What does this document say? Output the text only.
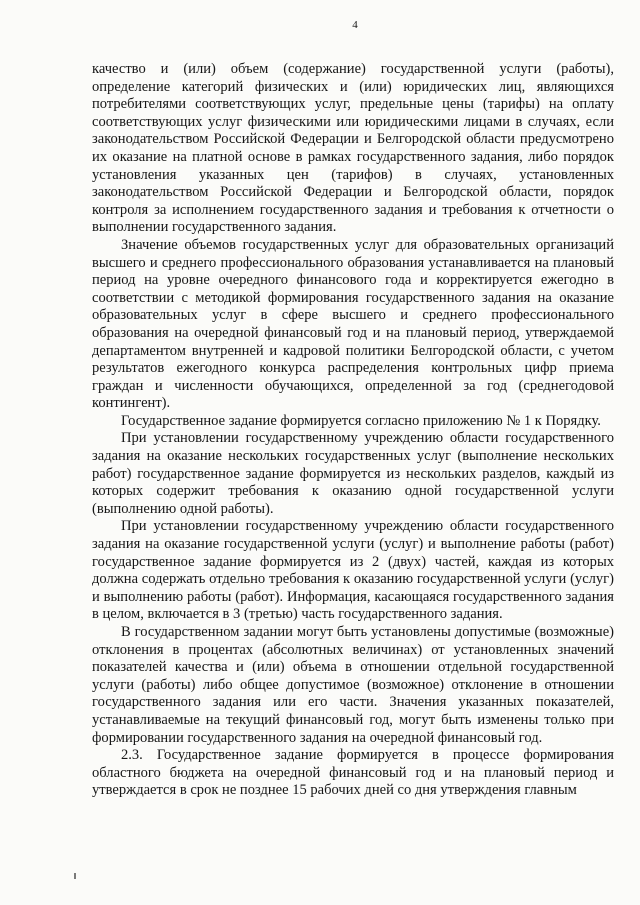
4

качество и (или) объем (содержание) государственной услуги (работы), определение категорий физических и (или) юридических лиц, являющихся потребителями соответствующих услуг, предельные цены (тарифы) на оплату соответствующих услуг физическими или юридическими лицами в случаях, если законодательством Российской Федерации и Белгородской области предусмотрено их оказание на платной основе в рамках государственного задания, либо порядок установления указанных цен (тарифов) в случаях, установленных законодательством Российской Федерации и Белгородской области, порядок контроля за исполнением государственного задания и требования к отчетности о выполнении государственного задания.

Значение объемов государственных услуг для образовательных организаций высшего и среднего профессионального образования устанавливается на плановый период на уровне очередного финансового года и корректируется ежегодно в соответствии с методикой формирования государственного задания на оказание образовательных услуг в сфере высшего и среднего профессионального образования на очередной финансовый год и на плановый период, утверждаемой департаментом внутренней и кадровой политики Белгородской области, с учетом результатов ежегодного конкурса распределения контрольных цифр приема граждан и численности обучающихся, определенной за год (среднегодовой контингент).

Государственное задание формируется согласно приложению № 1 к Порядку.

При установлении государственному учреждению области государственного задания на оказание нескольких государственных услуг (выполнение нескольких работ) государственное задание формируется из нескольких разделов, каждый из которых содержит требования к оказанию одной государственной услуги (выполнению одной работы).

При установлении государственному учреждению области государственного задания на оказание государственной услуги (услуг) и выполнение работы (работ) государственное задание формируется из 2 (двух) частей, каждая из которых должна содержать отдельно требования к оказанию государственной услуги (услуг) и выполнению работы (работ). Информация, касающаяся государственного задания в целом, включается в 3 (третью) часть государственного задания.

В государственном задании могут быть установлены допустимые (возможные) отклонения в процентах (абсолютных величинах) от установленных значений показателей качества и (или) объема в отношении отдельной государственной услуги (работы) либо общее допустимое (возможное) отклонение в отношении государственного задания или его части. Значения указанных показателей, устанавливаемые на текущий финансовый год, могут быть изменены только при формировании государственного задания на очередной финансовый год.

2.3. Государственное задание формируется в процессе формирования областного бюджета на очередной финансовый год и на плановый период и утверждается в срок не позднее 15 рабочих дней со дня утверждения главным
